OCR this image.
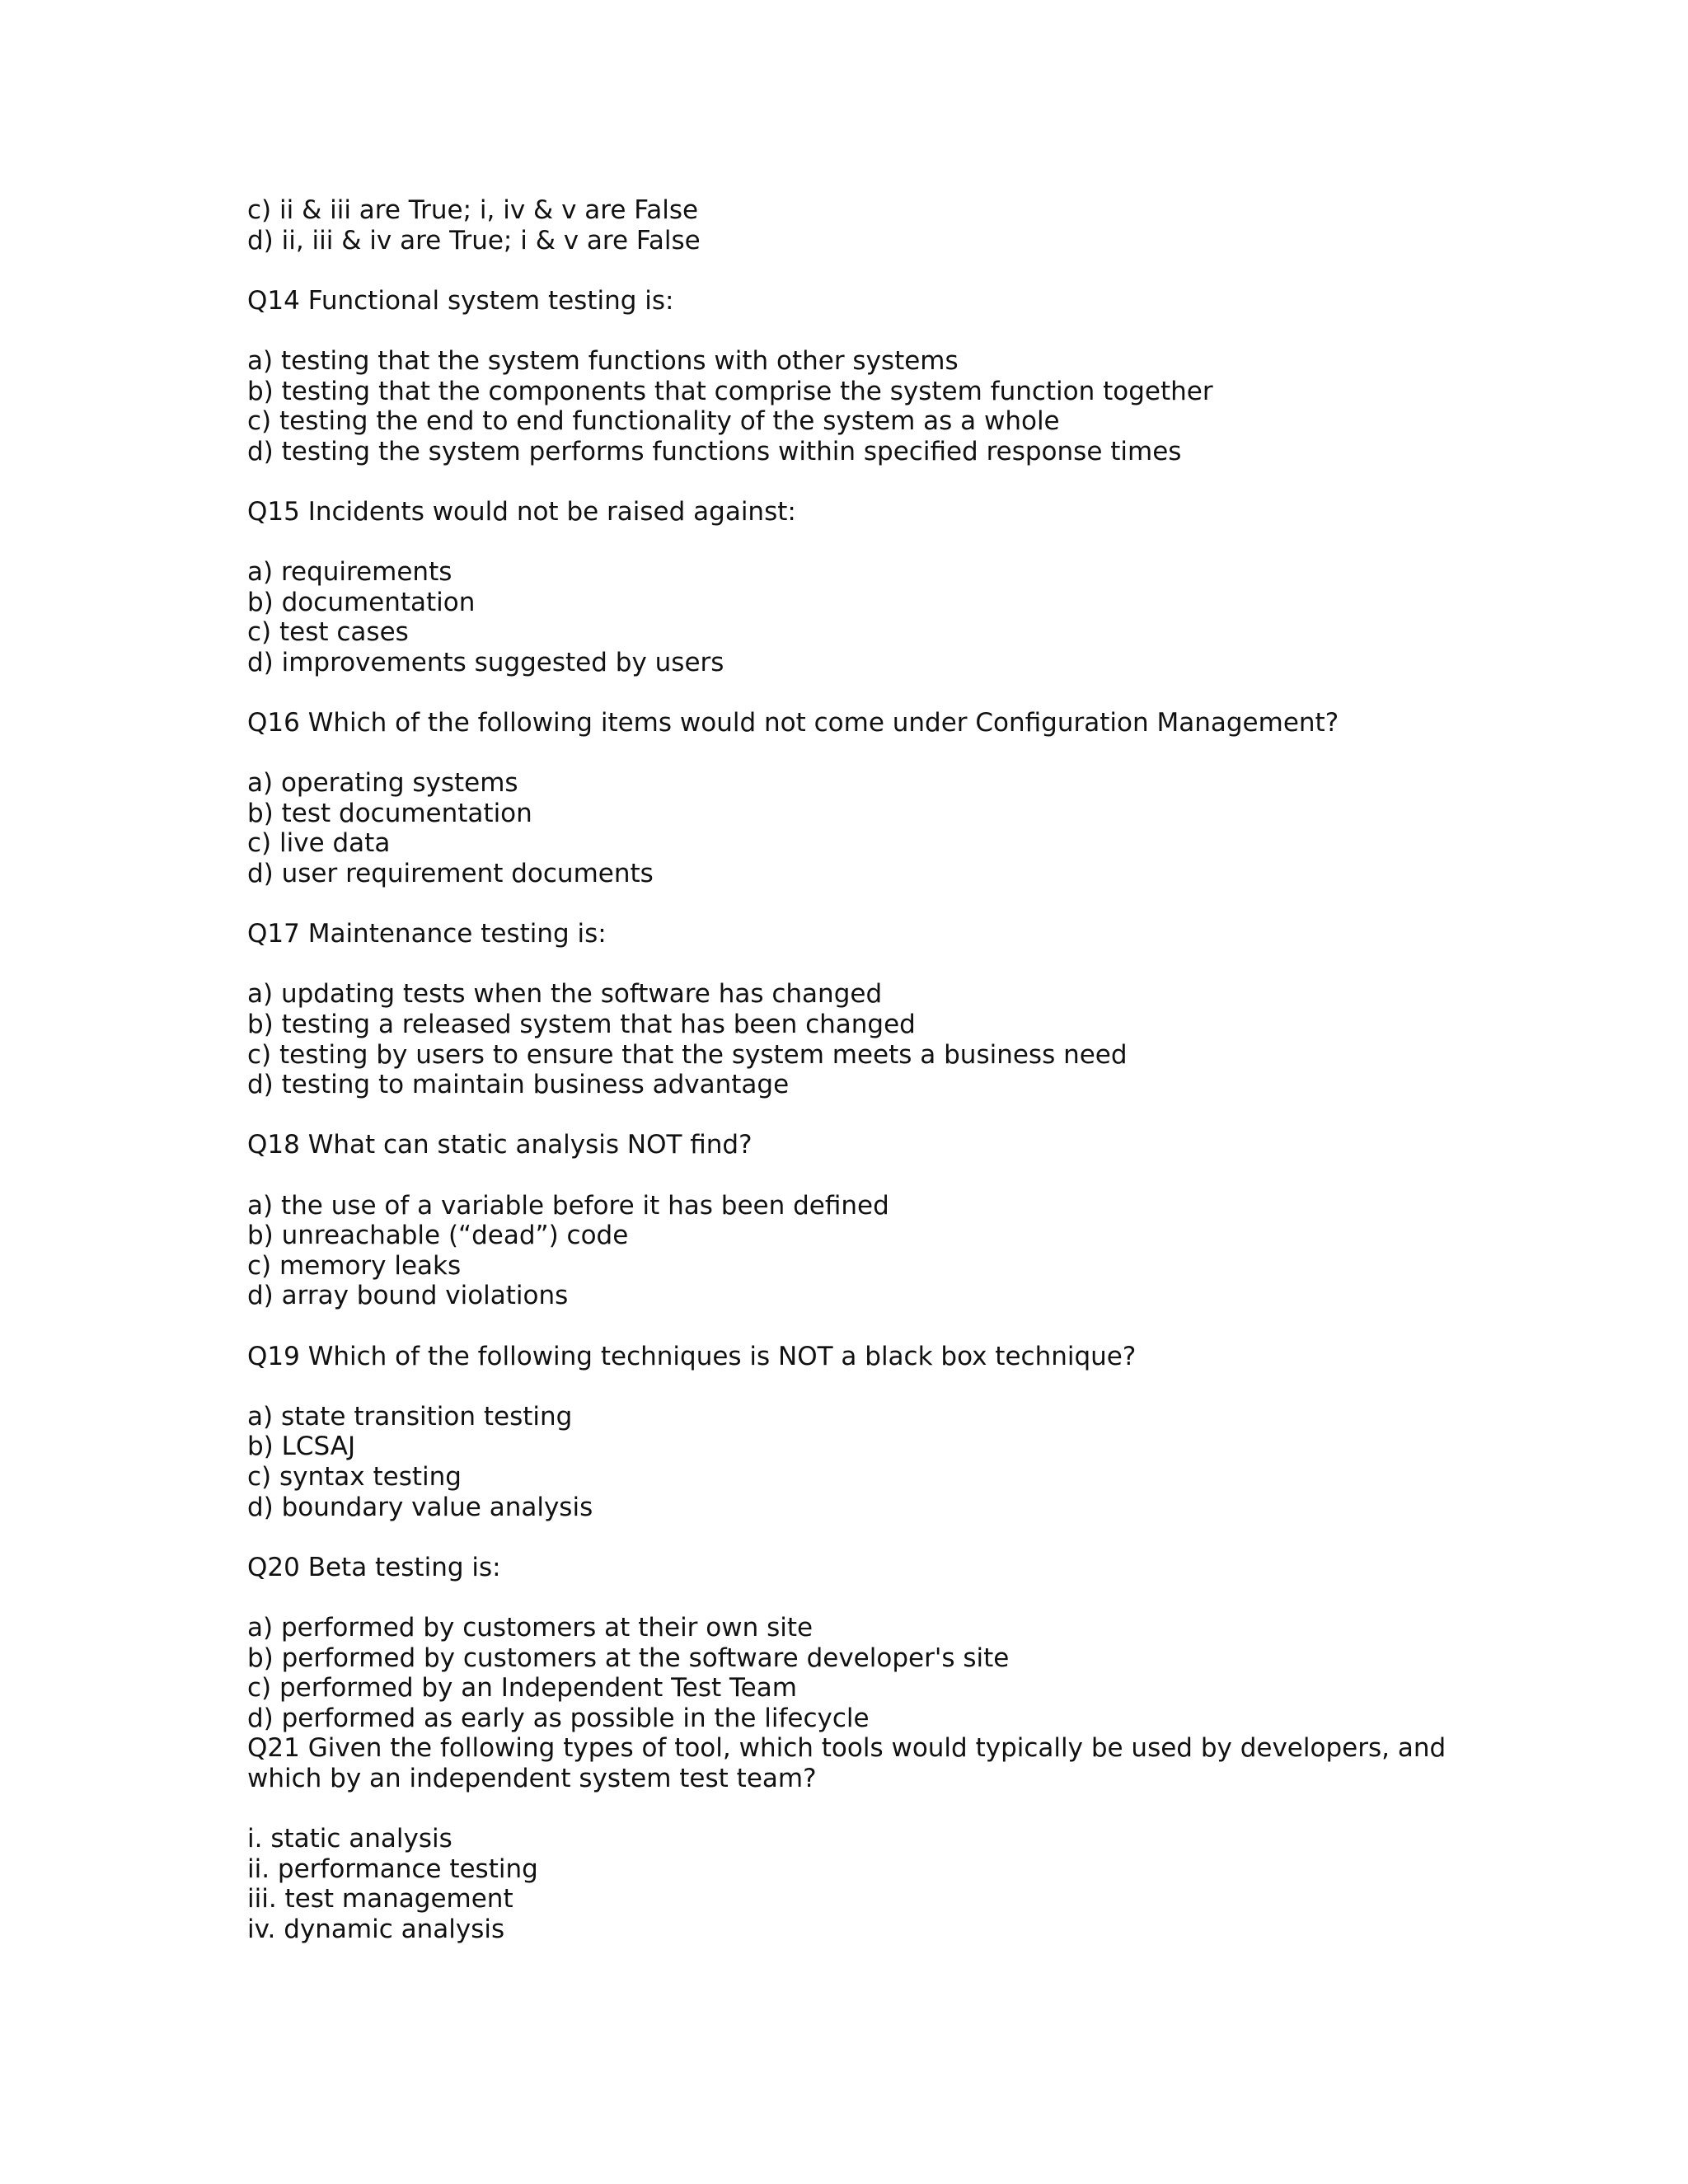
c) ii & iii are True; i, iv & v are False
d) ii, iii & iv are True; i & v are False
Q14 Functional system testing is:
a) testing that the system functions with other systems
b) testing that the components that comprise the system function together
c) testing the end to end functionality of the system as a whole
d) testing the system performs functions within specified response times
Q15 Incidents would not be raised against:
a) requirements
b) documentation
c) test cases
d) improvements suggested by users
Q16 Which of the following items would not come under Configuration Management?
a) operating systems
b) test documentation
c) live data
d) user requirement documents
Q17 Maintenance testing is:
a) updating tests when the software has changed
b) testing a released system that has been changed
c) testing by users to ensure that the system meets a business need
d) testing to maintain business advantage
Q18 What can static analysis NOT find?
a) the use of a variable before it has been defined
b) unreachable (“dead”) code
c) memory leaks
d) array bound violations
Q19 Which of the following techniques is NOT a black box technique?
a) state transition testing
b) LCSAJ
c) syntax testing
d) boundary value analysis
Q20 Beta testing is:
a) performed by customers at their own site
b) performed by customers at the software developer's site
c) performed by an Independent Test Team
d) performed as early as possible in the lifecycle
Q21 Given the following types of tool, which tools would typically be used by developers, and
which by an independent system test team?
i. static analysis
ii. performance testing
iii. test management
iv. dynamic analysis
